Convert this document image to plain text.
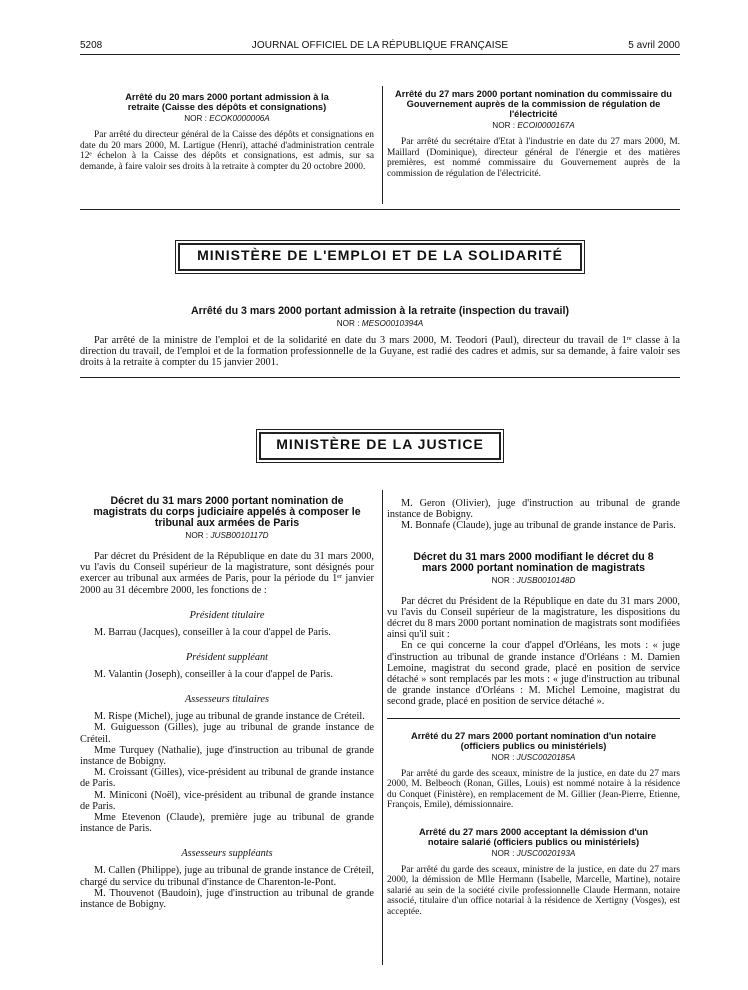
5208	JOURNAL OFFICIEL DE LA RÉPUBLIQUE FRANÇAISE	5 avril 2000
Arrêté du 20 mars 2000 portant admission à la retraite (Caisse des dépôts et consignations)
NOR : ECOK0000006A

Par arrêté du directeur général de la Caisse des dépôts et consignations en date du 20 mars 2000, M. Lartigue (Henri), attaché d'administration centrale 12ᵉ échelon à la Caisse des dépôts et consignations, est admis, sur sa demande, à faire valoir ses droits à la retraite à compter du 20 octobre 2000.

Arrêté du 27 mars 2000 portant nomination du commissaire du Gouvernement auprès de la commission de régulation de l'électricité
NOR : ECOI0000167A

Par arrêté du secrétaire d'Etat à l'industrie en date du 27 mars 2000, M. Maillard (Dominique), directeur général de l'énergie et des matières premières, est nommé commissaire du Gouvernement auprès de la commission de régulation de l'électricité.

MINISTÈRE DE L'EMPLOI ET DE LA SOLIDARITÉ
Arrêté du 3 mars 2000 portant admission à la retraite (inspection du travail)
NOR : MESO0010394A

Par arrêté de la ministre de l'emploi et de la solidarité en date du 3 mars 2000, M. Teodori (Paul), directeur du travail de 1ʳᵉ classe à la direction du travail, de l'emploi et de la formation professionnelle de la Guyane, est radié des cadres et admis, sur sa demande, à faire valoir ses droits à la retraite à compter du 15 janvier 2001.

MINISTÈRE DE LA JUSTICE
Décret du 31 mars 2000 portant nomination de magistrats du corps judiciaire appelés à composer le tribunal aux armées de Paris
NOR : JUSB0010117D

Par décret du Président de la République en date du 31 mars 2000, vu l'avis du Conseil supérieur de la magistrature, sont désignés pour exercer au tribunal aux armées de Paris, pour la période du 1ᵉʳ janvier 2000 au 31 décembre 2000, les fonctions de :

Président titulaire

M. Barrau (Jacques), conseiller à la cour d'appel de Paris.

Président suppléant

M. Valantin (Joseph), conseiller à la cour d'appel de Paris.

Assesseurs titulaires

M. Rispe (Michel), juge au tribunal de grande instance de Créteil.

M. Guiguesson (Gilles), juge au tribunal de grande instance de Créteil.

Mme Turquey (Nathalie), juge d'instruction au tribunal de grande instance de Bobigny.

M. Croissant (Gilles), vice-président au tribunal de grande instance de Paris.

M. Miniconi (Noël), vice-président au tribunal de grande instance de Paris.

Mme Etevenon (Claude), première juge au tribunal de grande instance de Paris.

Assesseurs suppléants

M. Callen (Philippe), juge au tribunal de grande instance de Créteil, chargé du service du tribunal d'instance de Charenton-le-Pont.

M. Thouvenot (Baudoin), juge d'instruction au tribunal de grande instance de Bobigny.

M. Geron (Olivier), juge d'instruction au tribunal de grande instance de Bobigny.

M. Bonnafe (Claude), juge au tribunal de grande instance de Paris.

Décret du 31 mars 2000 modifiant le décret du 8 mars 2000 portant nomination de magistrats
NOR : JUSB0010148D

Par décret du Président de la République en date du 31 mars 2000, vu l'avis du Conseil supérieur de la magistrature, les dispositions du décret du 8 mars 2000 portant nomination de magistrats sont modifiées ainsi qu'il suit :

En ce qui concerne la cour d'appel d'Orléans, les mots : « juge d'instruction au tribunal de grande instance d'Orléans : M. Damien Lemoine, magistrat du second grade, placé en position de service détaché » sont remplacés par les mots : « juge d'instruction au tribunal de grande instance d'Orléans : M. Michel Lemoine, magistrat du second grade, placé en position de service détaché ».

Arrêté du 27 mars 2000 portant nomination d'un notaire (officiers publics ou ministériels)
NOR : JUSC0020185A

Par arrêté du garde des sceaux, ministre de la justice, en date du 27 mars 2000, M. Belbeoch (Ronan, Gilles, Louis) est nommé notaire à la résidence du Conquet (Finistère), en remplacement de M. Gillier (Jean-Pierre, Etienne, François, Emile), démissionnaire.

Arrêté du 27 mars 2000 acceptant la démission d'un notaire salarié (officiers publics ou ministériels)
NOR : JUSC0020193A

Par arrêté du garde des sceaux, ministre de la justice, en date du 27 mars 2000, la démission de Mlle Hermann (Isabelle, Marcelle, Martine), notaire salarié au sein de la société civile professionnelle Claude Hermann, notaire associé, titulaire d'un office notarial à la résidence de Xertigny (Vosges), est acceptée.
